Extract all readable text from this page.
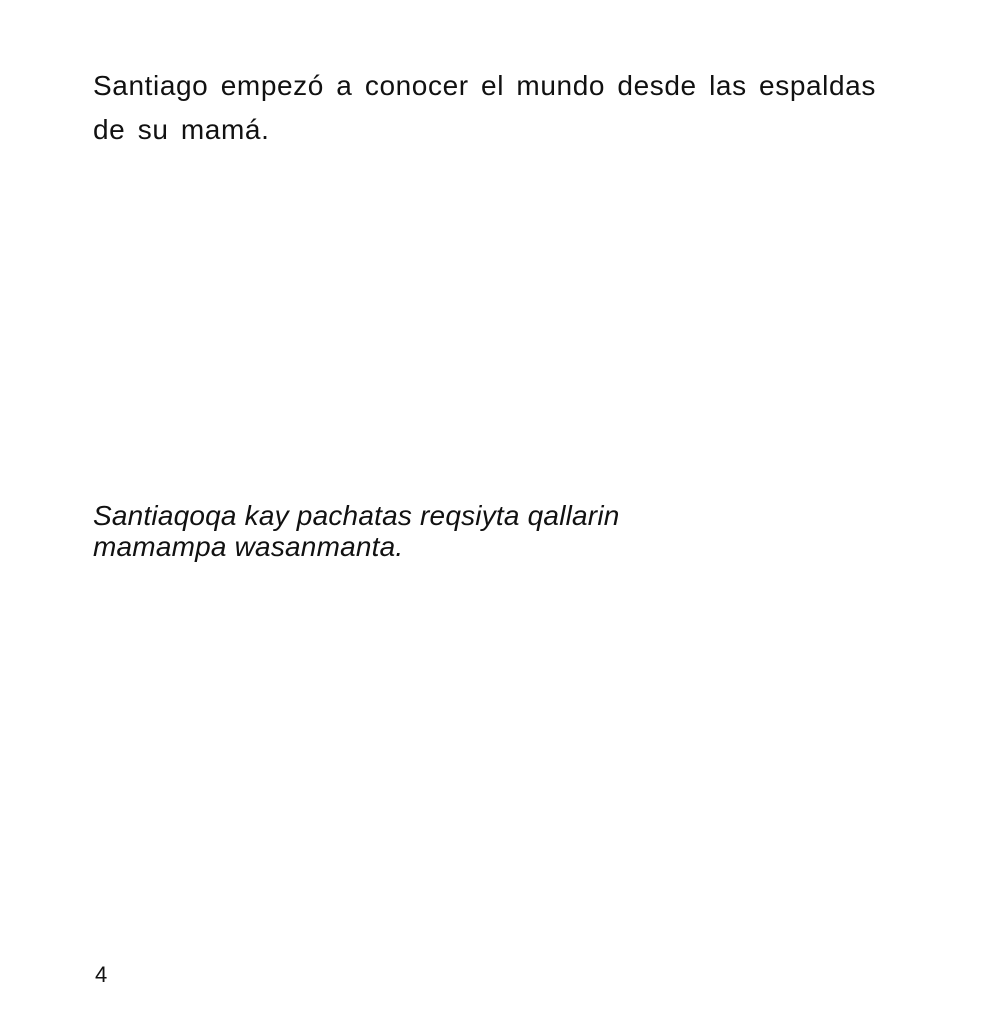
Santiago empezó a conocer el mundo desde las espaldas
de su mamá.

Santiaqoqa kay pachatas reqsiyta qallarin
mamampa wasanmanta.

4
